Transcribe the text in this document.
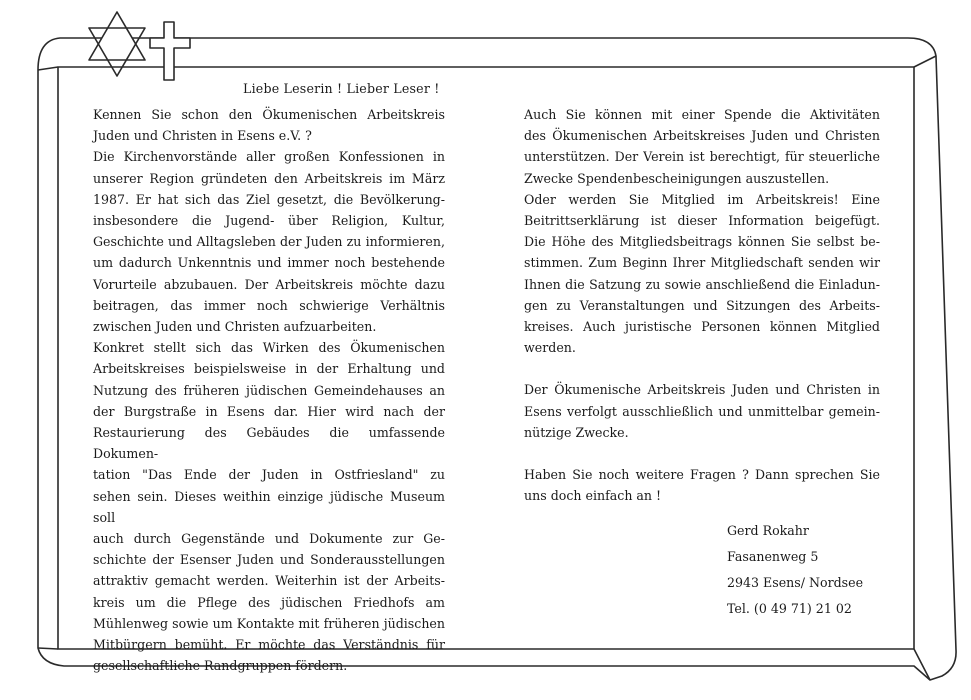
Liebe Leserin ! Lieber Leser !

Kennen Sie schon den Ökumenischen Arbeitskreis

Juden und Christen in Esens e.V. ?

Die Kirchenvorstände aller großen Konfessionen in

unserer Region gründeten den Arbeitskreis im März

1987. Er hat sich das Ziel gesetzt, die Bevölkerung-

insbesondere die Jugend- über Religion, Kultur,

Geschichte und Alltagsleben der Juden zu informieren,

um dadurch Unkenntnis und immer noch bestehende

Vorurteile abzubauen. Der Arbeitskreis möchte dazu

beitragen, das immer noch schwierige Verhältnis

zwischen Juden und Christen aufzuarbeiten.

Konkret stellt sich das Wirken des Ökumenischen

Arbeitskreises beispielsweise in der Erhaltung und

Nutzung des früheren jüdischen Gemeindehauses an

der Burgstraße in Esens dar. Hier wird nach der

Restaurierung des Gebäudes die umfassende Dokumen-

tation "Das Ende der Juden in Ostfriesland" zu

sehen sein. Dieses weithin einzige jüdische Museum soll

auch durch Gegenstände und Dokumente zur Ge-

schichte der Esenser Juden und Sonderausstellungen

attraktiv gemacht werden. Weiterhin ist der Arbeits-

kreis um die Pflege des jüdischen Friedhofs am

Mühlenweg sowie um Kontakte mit früheren jüdischen

Mitbürgern bemüht. Er möchte das Verständnis für

gesellschaftliche Randgruppen fördern.

Auch Sie können mit einer Spende die Aktivitäten

des Ökumenischen Arbeitskreises Juden und Christen

unterstützen. Der Verein ist berechtigt, für steuerliche

Zwecke Spendenbescheinigungen auszustellen.

Oder werden Sie Mitglied im Arbeitskreis! Eine

Beitrittserklärung ist dieser Information beigefügt.

Die Höhe des Mitgliedsbeitrags können Sie selbst be-

stimmen. Zum Beginn Ihrer Mitgliedschaft senden wir

Ihnen die Satzung zu sowie anschließend die Einladun-

gen zu Veranstaltungen und Sitzungen des Arbeits-

kreises. Auch juristische Personen können Mitglied

werden.

Der Ökumenische Arbeitskreis Juden und Christen in

Esens verfolgt ausschließlich und unmittelbar gemein-

nützige Zwecke.

Haben Sie noch weitere Fragen ? Dann sprechen Sie

uns doch einfach an !

Gerd Rokahr

Fasanenweg 5

2943 Esens/ Nordsee

Tel. (0 49 71) 21 02
